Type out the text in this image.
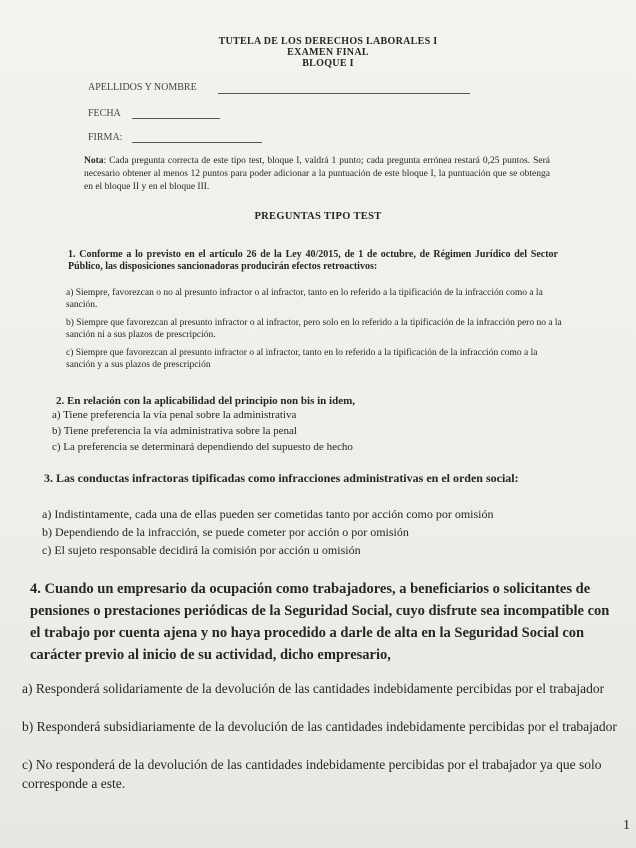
TUTELA DE LOS DERECHOS LABORALES I
EXAMEN FINAL
BLOQUE I
APELLIDOS Y NOMBRE
FECHA
FIRMA:
Nota: Cada pregunta correcta de este tipo test, bloque I, valdrá 1 punto; cada pregunta errónea restará 0,25 puntos. Será necesario obtener al menos 12 puntos para poder adicionar a la puntuación de este bloque I, la puntuación que se obtenga en el bloque II y en el bloque III.
PREGUNTAS TIPO TEST
1. Conforme a lo previsto en el artículo 26 de la Ley 40/2015, de 1 de octubre, de Régimen Jurídico del Sector Público, las disposiciones sancionadoras producirán efectos retroactivos:
a) Siempre, favorezcan o no al presunto infractor o al infractor, tanto en lo referido a la tipificación de la infracción como a la sanción.
b) Siempre que favorezcan al presunto infractor o al infractor, pero solo en lo referido a la tipificación de la infracción pero no a la sanción ni a sus plazos de prescripción.
c) Siempre que favorezcan al presunto infractor o al infractor, tanto en lo referido a la tipificación de la infracción como a la sanción y a sus plazos de prescripción
2. En relación con la aplicabilidad del principio non bis in idem,
a) Tiene preferencia la vía penal sobre la administrativa
b) Tiene preferencia la vía administrativa sobre la penal
c) La preferencia se determinará dependiendo del supuesto de hecho
3. Las conductas infractoras tipificadas como infracciones administrativas en el orden social:
a) Indistintamente, cada una de ellas pueden ser cometidas tanto por acción como por omisión
b) Dependiendo de la infracción, se puede cometer por acción o por omisión
c) El sujeto responsable decidirá la comisión por acción u omisión
4. Cuando un empresario da ocupación como trabajadores, a beneficiarios o solicitantes de pensiones o prestaciones periódicas de la Seguridad Social, cuyo disfrute sea incompatible con el trabajo por cuenta ajena y no haya procedido a darle de alta en la Seguridad Social con carácter previo al inicio de su actividad, dicho empresario,
a) Responderá solidariamente de la devolución de las cantidades indebidamente percibidas por el trabajador
b) Responderá subsidiariamente de la devolución de las cantidades indebidamente percibidas por el trabajador
c) No responderá de la devolución de las cantidades indebidamente percibidas por el trabajador ya que solo corresponde a este.
1
